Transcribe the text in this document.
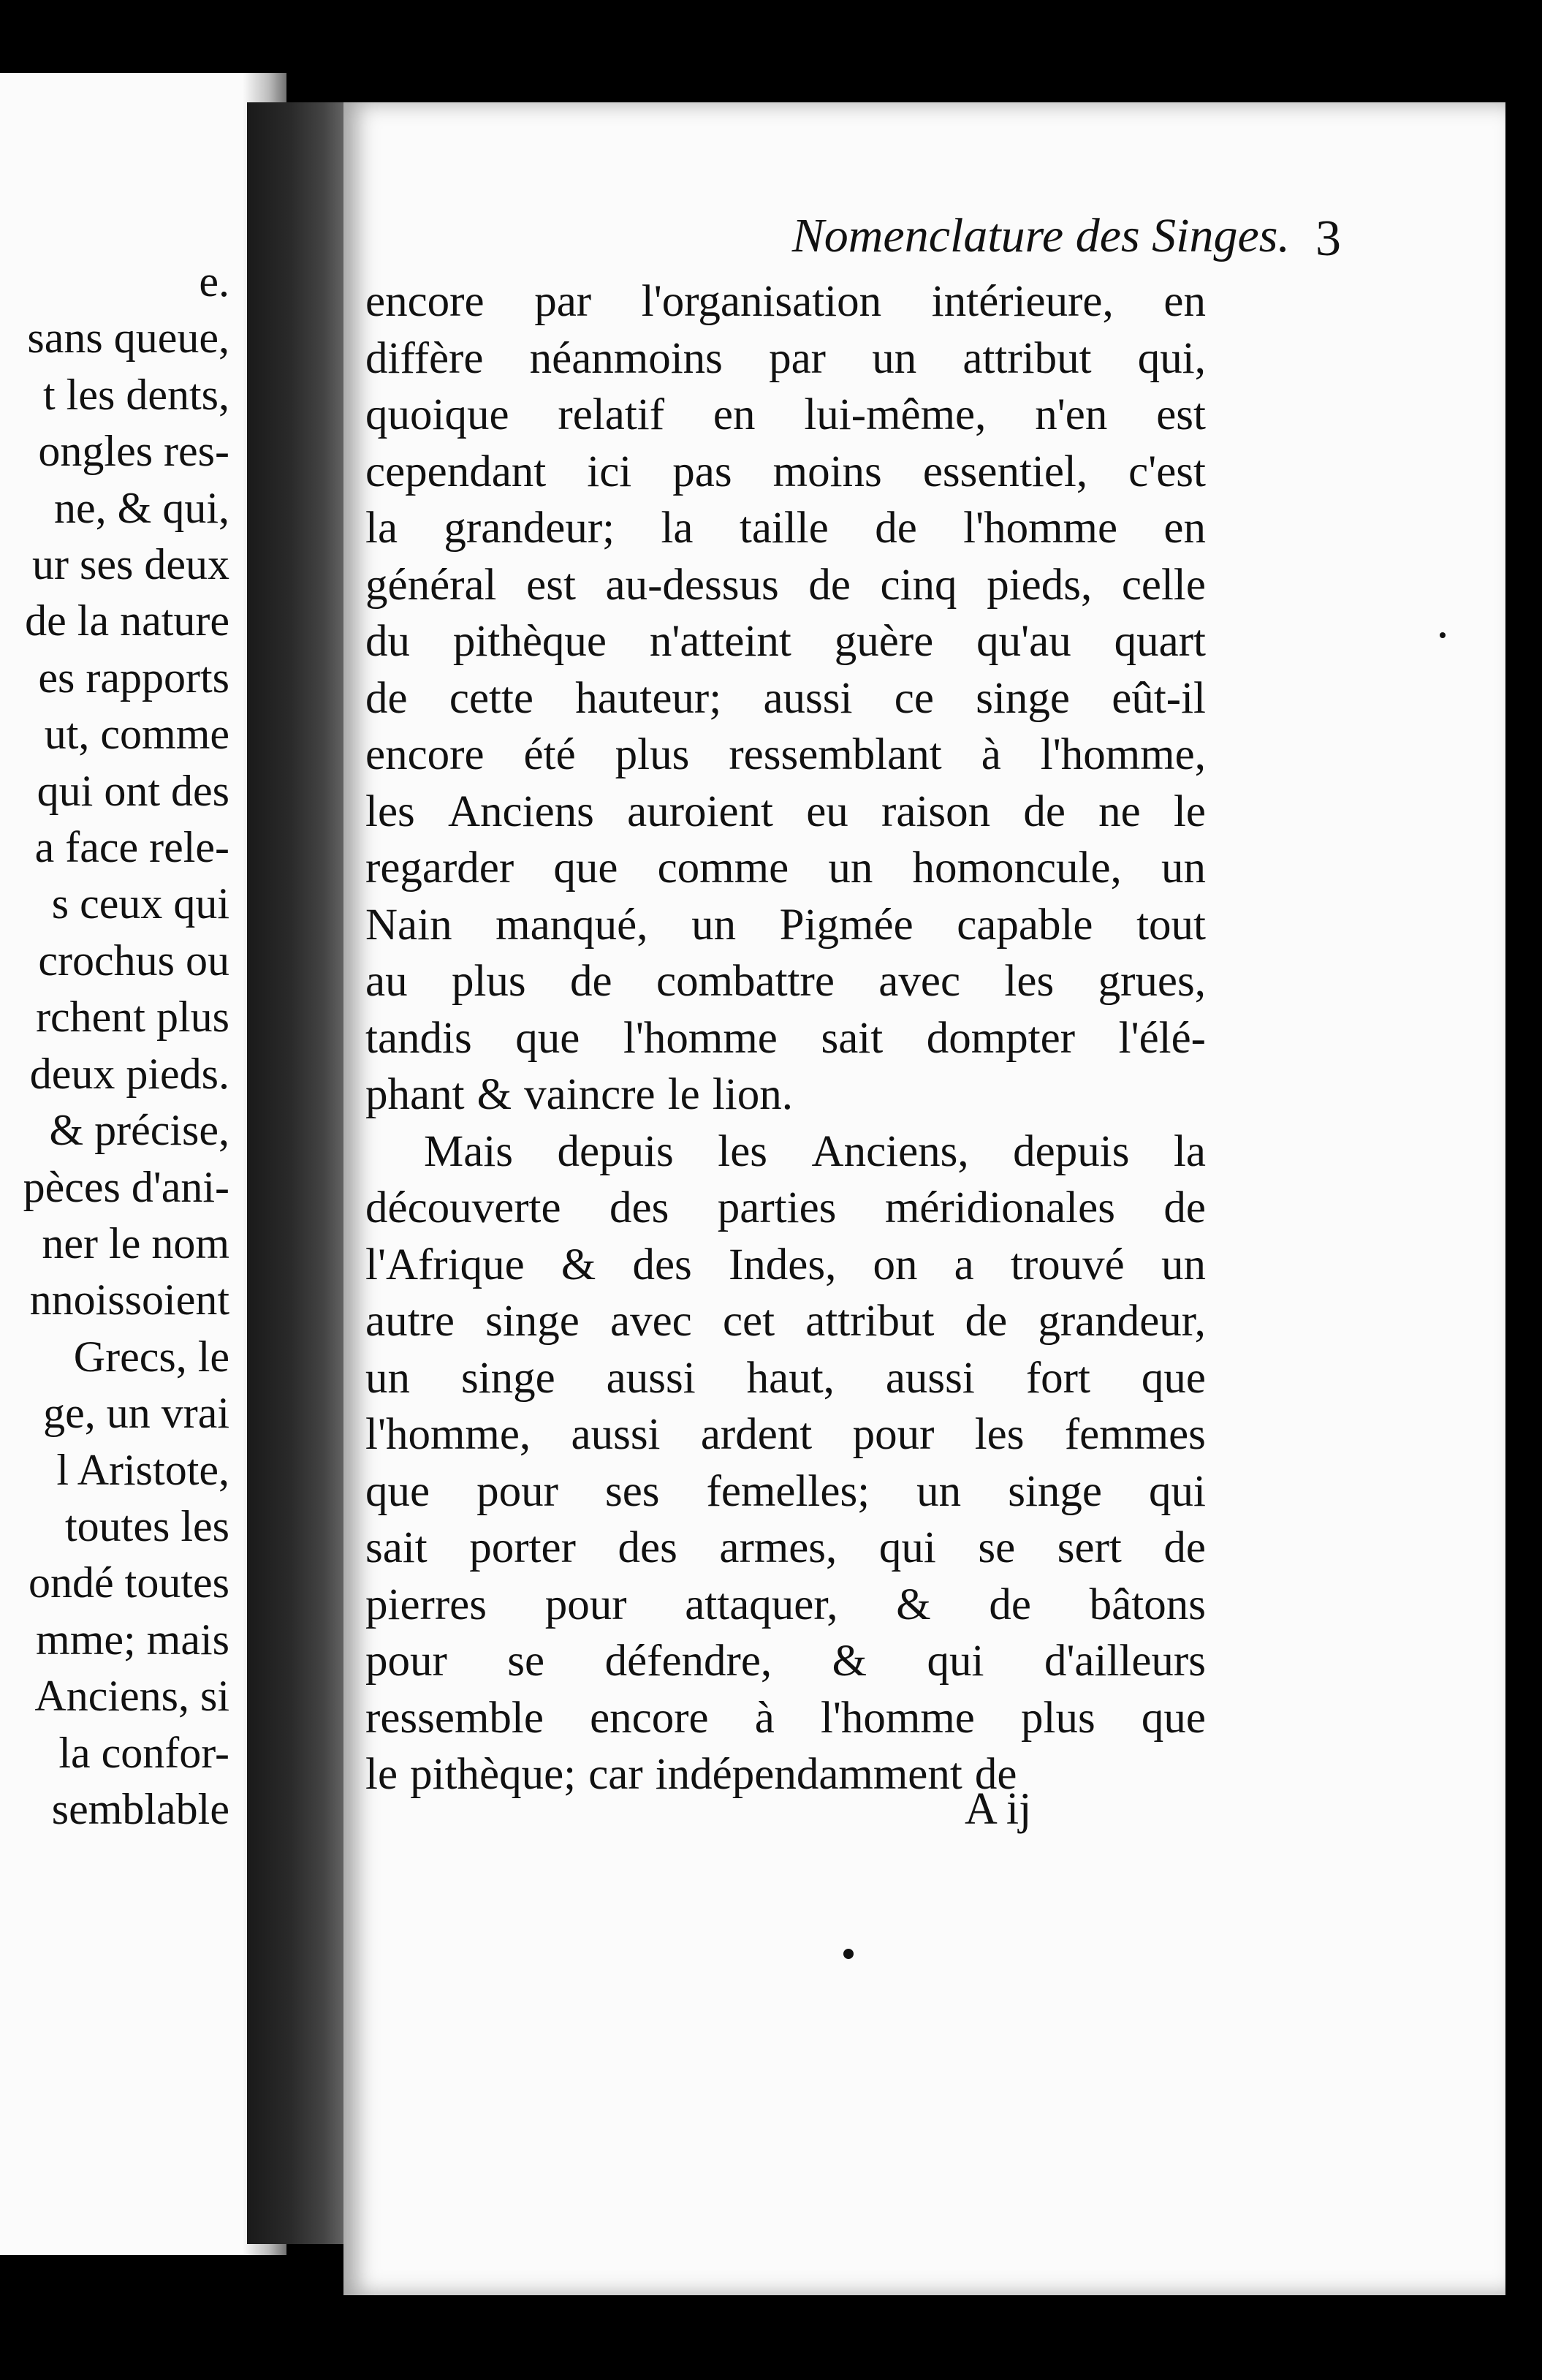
e.
sans queue,
t les dents,
ongles res-
ne, & qui,
ur ses deux
de la nature
es rapports
ut, comme
qui ont des
a face rele-
s ceux qui
crochus ou
rchent plus
deux pieds.
& précise,
pèces d'ani-
ner le nom
nnoissoient
Grecs, le
ge, un vrai
l Aristote,
toutes les
ondé toutes
mme; mais
Anciens, si
la confor-
semblable
Nomenclature des Singes. 3
encore par l'organisation intérieure, en
diffère néanmoins par un attribut qui,
quoique relatif en lui-même, n'en est
cependant ici pas moins essentiel, c'est
la grandeur; la taille de l'homme en
général est au-dessus de cinq pieds, celle
du pithèque n'atteint guère qu'au quart
de cette hauteur; aussi ce singe eût-il
encore été plus ressemblant à l'homme,
les Anciens auroient eu raison de ne le
regarder que comme un homoncule, un
Nain manqué, un Pigmée capable tout
au plus de combattre avec les grues,
tandis que l'homme sait dompter l'élé-
phant & vaincre le lion.
Mais depuis les Anciens, depuis la
découverte des parties méridionales de
l'Afrique & des Indes, on a trouvé un
autre singe avec cet attribut de grandeur,
un singe aussi haut, aussi fort que
l'homme, aussi ardent pour les femmes
que pour ses femelles; un singe qui
sait porter des armes, qui se sert de
pierres pour attaquer, & de bâtons
pour se défendre, & qui d'ailleurs
ressemble encore à l'homme plus que
le pithèque; car indépendamment de
A ij
